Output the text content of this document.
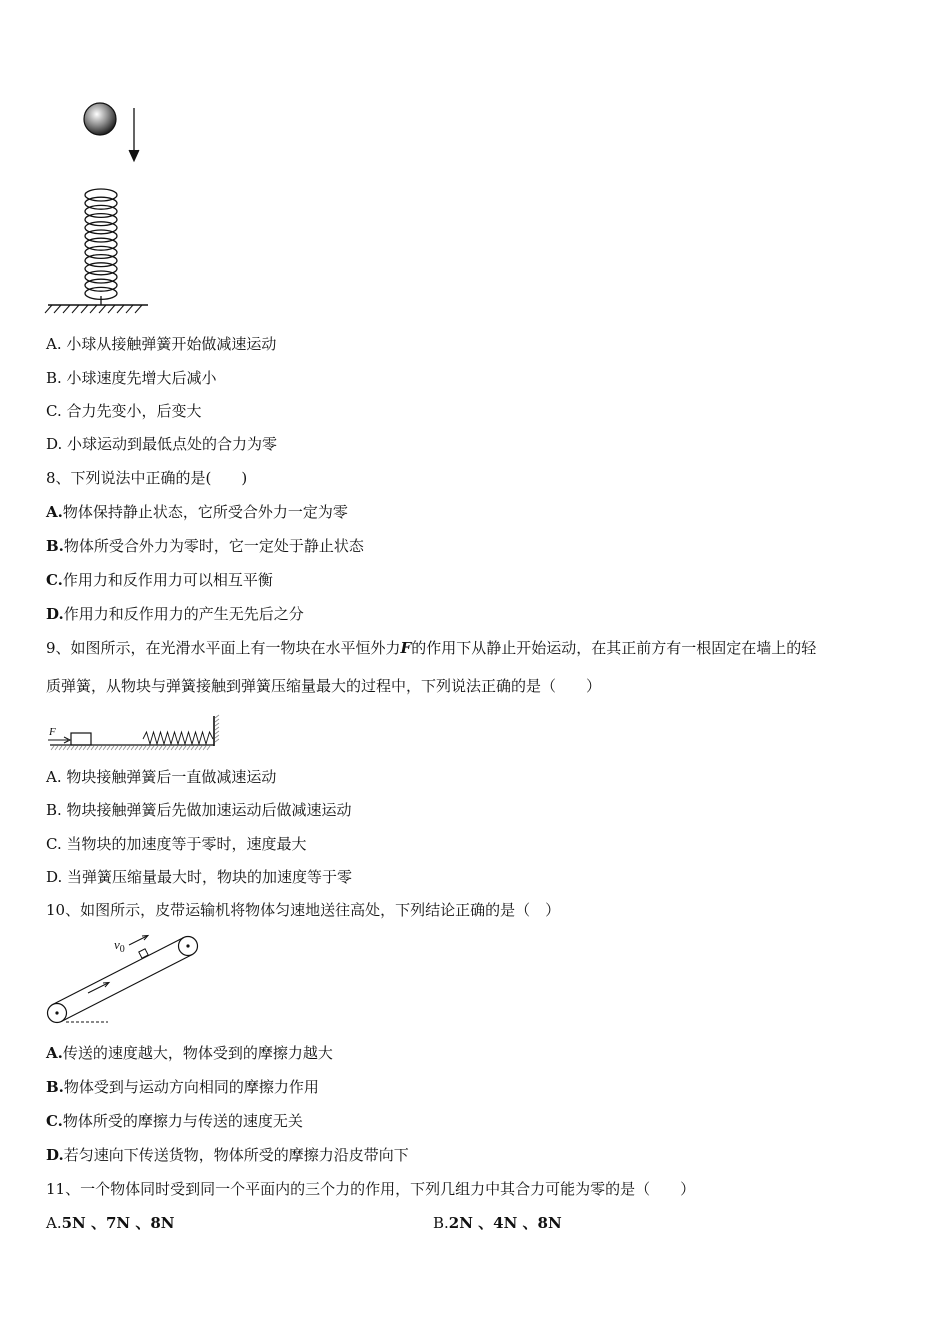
A. 小球从接触弹簧开始做减速运动
B. 小球速度先增大后减小
C. 合力先变小，后变大
D. 小球运动到最低点处的合力为零
8、下列说法中正确的是(　　)
A.物体保持静止状态，它所受合外力一定为零
B.物体所受合外力为零时，它一定处于静止状态
C.作用力和反作用力可以相互平衡
D.作用力和反作用力的产生无先后之分
9、如图所示，在光滑水平面上有一物块在水平恒外力F的作用下从静止开始运动，在其正前方有一根固定在墙上的轻
质弹簧，从物块与弹簧接触到弹簧压缩量最大的过程中，下列说法正确的是（　　）
F
A. 物块接触弹簧后一直做减速运动
B. 物块接触弹簧后先做加速运动后做减速运动
C. 当物块的加速度等于零时，速度最大
D. 当弹簧压缩量最大时，物块的加速度等于零
10、如图所示，皮带运输机将物体匀速地送往高处，下列结论正确的是（　）
$v_0$
A.传送的速度越大，物体受到的摩擦力越大
B.物体受到与运动方向相同的摩擦力作用
C.物体所受的摩擦力与传送的速度无关
D.若匀速向下传送货物，物体所受的摩擦力沿皮带向下
11、一个物体同时受到同一个平面内的三个力的作用，下列几组力中其合力可能为零的是（　　）
A.5N 、7N 、8N	B.2N 、4N 、8N
